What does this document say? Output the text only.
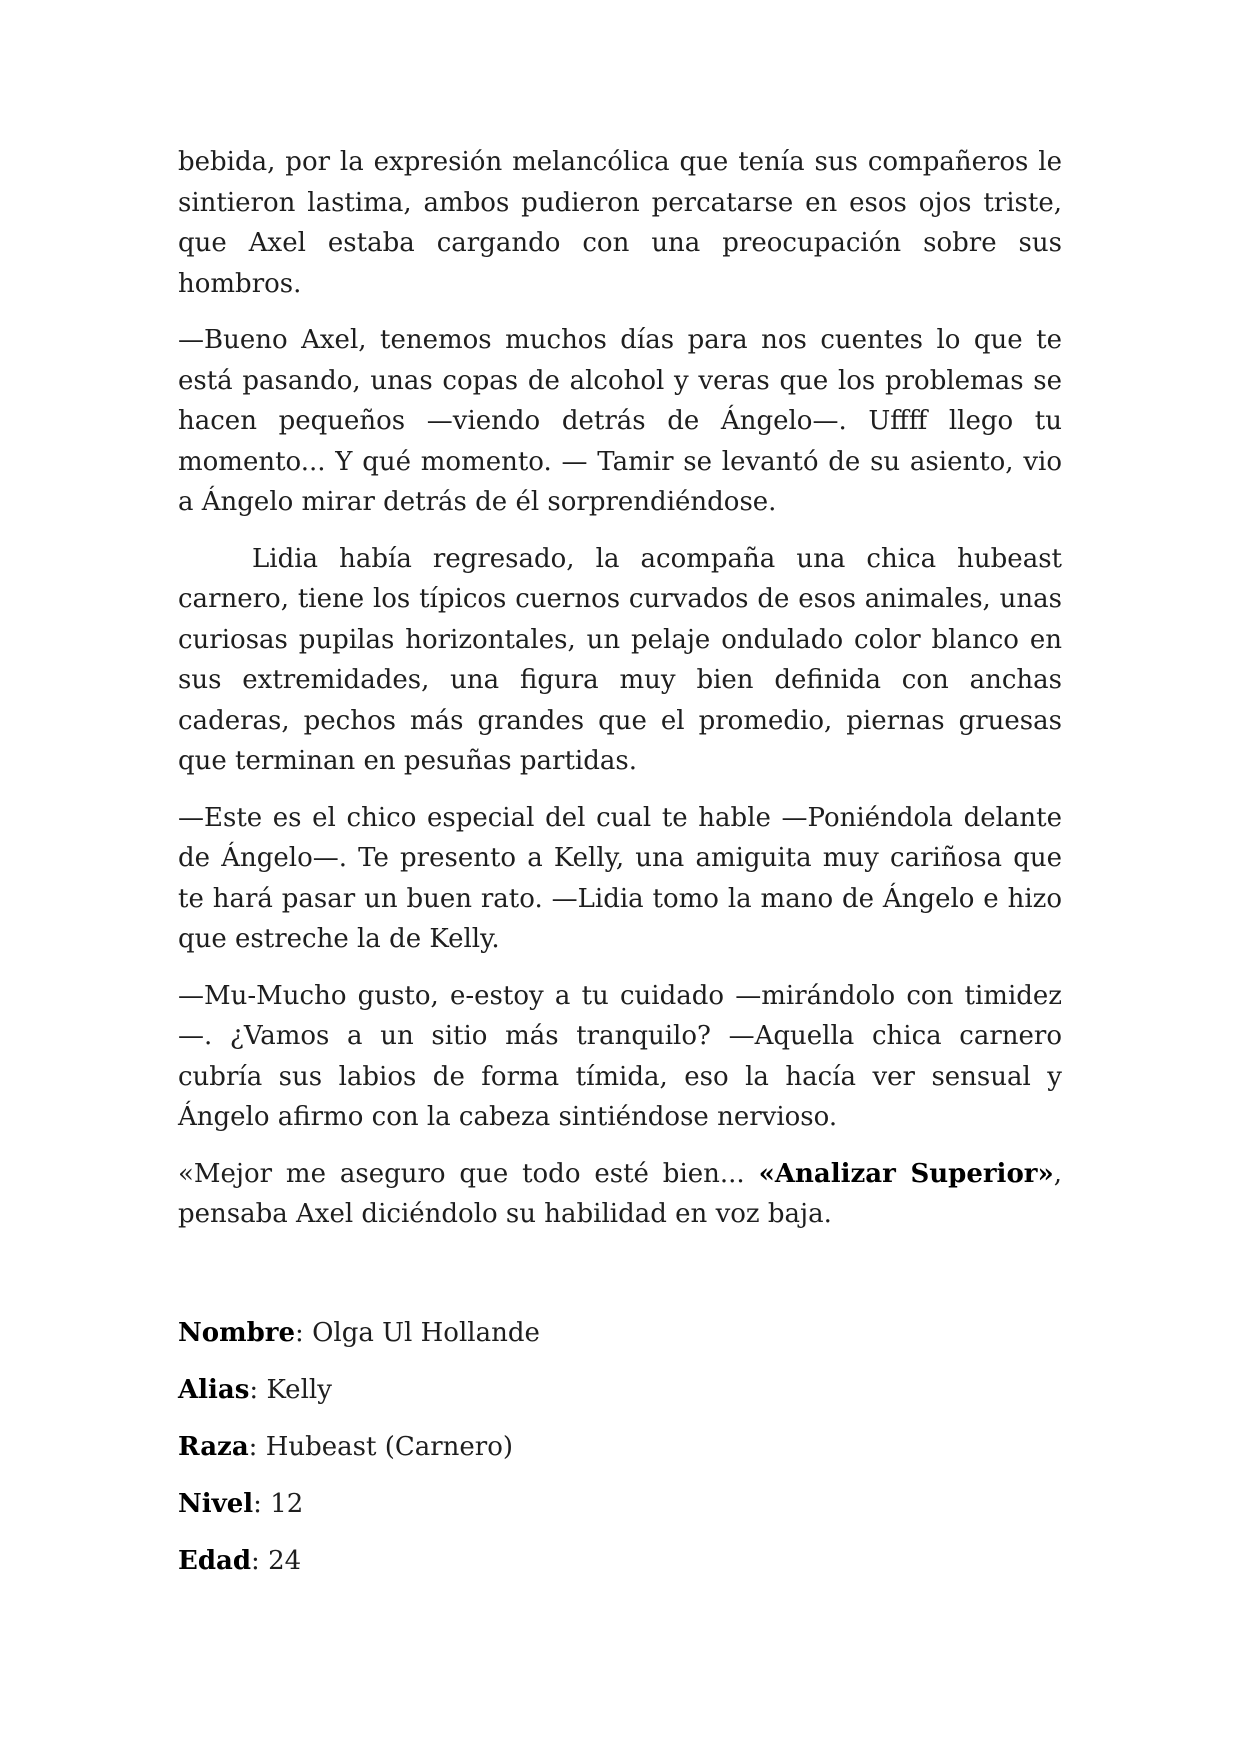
bebida, por la expresión melancólica que tenía sus compañeros le sintieron lastima, ambos pudieron percatarse en esos ojos triste, que Axel estaba cargando con una preocupación sobre sus hombros.

—Bueno Axel, tenemos muchos días para nos cuentes lo que te está pasando, unas copas de alcohol y veras que los problemas se hacen pequeños —viendo detrás de Ángelo—. Uffff llego tu momento... Y qué momento. — Tamir se levantó de su asiento, vio a Ángelo mirar detrás de él sorprendiéndose.

Lidia había regresado, la acompaña una chica hubeast carnero, tiene los típicos cuernos curvados de esos animales, unas curiosas pupilas horizontales, un pelaje ondulado color blanco en sus extremidades, una figura muy bien definida con anchas caderas, pechos más grandes que el promedio, piernas gruesas que terminan en pesuñas partidas.

—Este es el chico especial del cual te hable —Poniéndola delante de Ángelo—. Te presento a Kelly, una amiguita muy cariñosa que te hará pasar un buen rato. —Lidia tomo la mano de Ángelo e hizo que estreche la de Kelly.

—Mu-Mucho gusto, e-estoy a tu cuidado —mirándolo con timidez—. ¿Vamos a un sitio más tranquilo? —Aquella chica carnero cubría sus labios de forma tímida, eso la hacía ver sensual y Ángelo afirmo con la cabeza sintiéndose nervioso.

«Mejor me aseguro que todo esté bien... «Analizar Superior», pensaba Axel diciéndolo su habilidad en voz baja.

Nombre: Olga Ul Hollande

Alias: Kelly

Raza: Hubeast (Carnero)

Nivel: 12

Edad: 24
